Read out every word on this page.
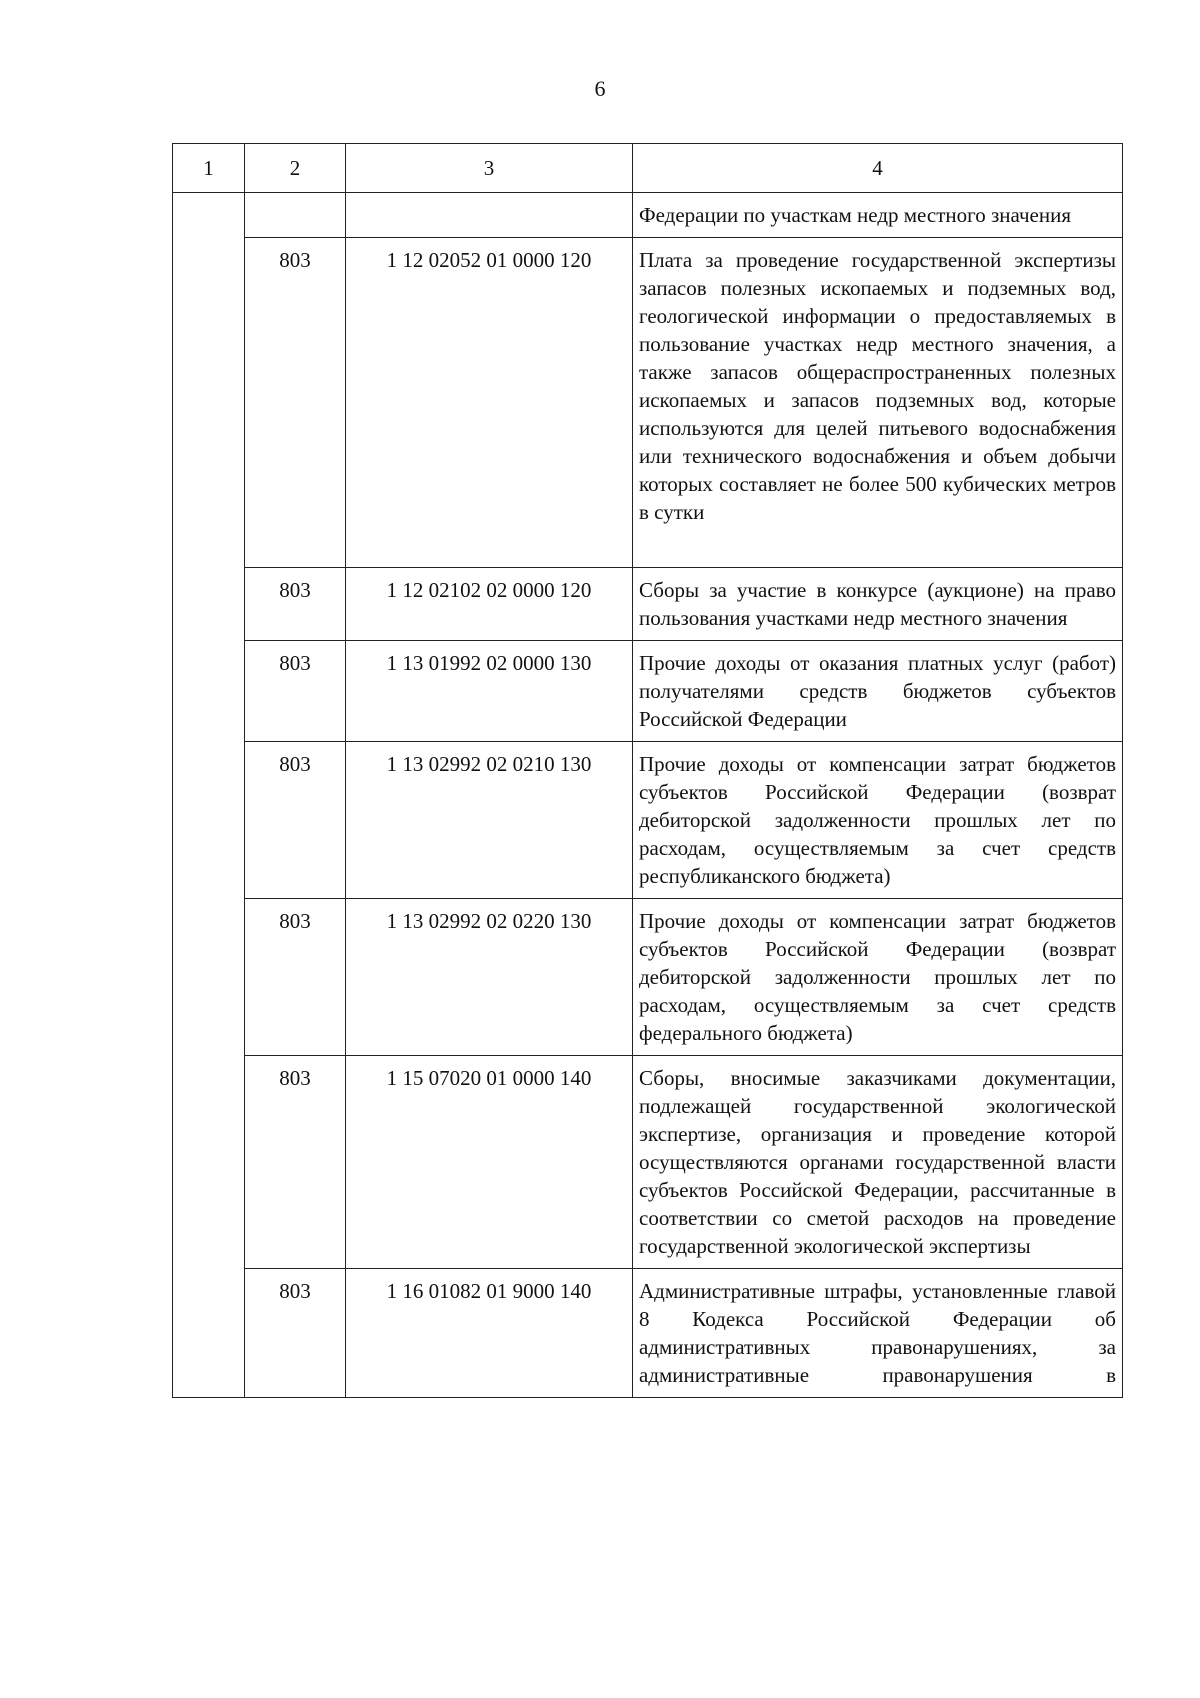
6
1	2	3	4
			Федерации по участкам недр местного значения
	803	1 12 02052 01 0000 120	Плата за проведение государственной экспертизы запасов полезных ископаемых и подземных вод, геологической информации о предоставляемых в пользование участках недр местного значения, а также запасов общераспространенных полезных ископаемых и запасов подземных вод, которые используются для целей питьевого водоснабжения или технического водоснабжения и объем добычи которых составляет не более 500 кубических метров в сутки
	803	1 12 02102 02 0000 120	Сборы за участие в конкурсе (аукционе) на право пользования участками недр местного значения
	803	1 13 01992 02 0000 130	Прочие доходы от оказания платных услуг (работ) получателями средств бюджетов субъектов Российской Федерации
	803	1 13 02992 02 0210 130	Прочие доходы от компенсации затрат бюджетов субъектов Российской Федерации (возврат дебиторской задолженности прошлых лет по расходам, осуществляемым за счет средств республиканского бюджета)
	803	1 13 02992 02 0220 130	Прочие доходы от компенсации затрат бюджетов субъектов Российской Федерации (возврат дебиторской задолженности прошлых лет по расходам, осуществляемым за счет средств федерального бюджета)
	803	1 15 07020 01 0000 140	Сборы, вносимые заказчиками документации, подлежащей государственной экологической экспертизе, организация и проведение которой осуществляются органами государственной власти субъектов Российской Федерации, рассчитанные в соответствии со сметой расходов на проведение государственной экологической экспертизы
	803	1 16 01082 01 9000 140	Административные штрафы, установленные главой 8 Кодекса Российской Федерации об административных правонарушениях, за административные правонарушения в
